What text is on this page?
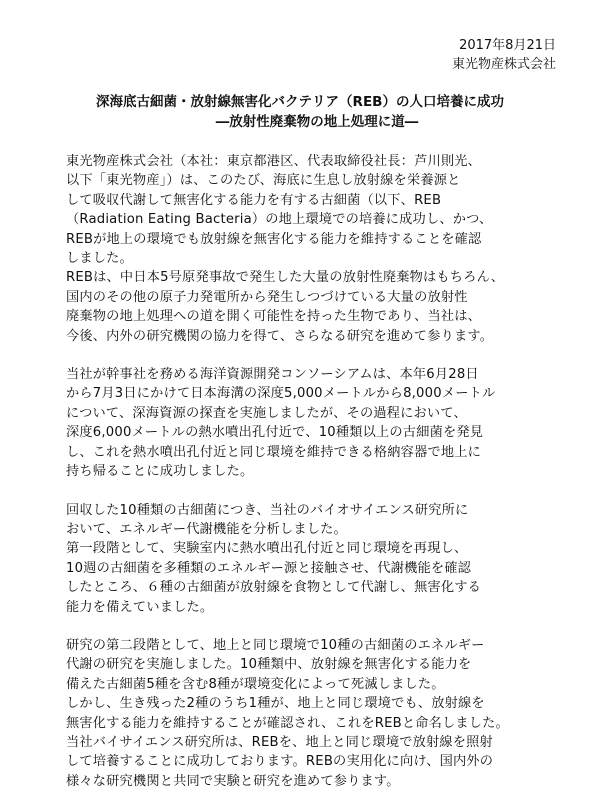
2017年8月21日
東光物産株式会社
深海底古細菌・放射線無害化バクテリア（REB）の人口培養に成功
―放射性廃棄物の地上処理に道―

東光物産株式会社（本社：東京都港区、代表取締役社長：芦川則光、
以下「東光物産」）は、このたび、海底に生息し放射線を栄養源と
して吸収代謝して無害化する能力を有する古細菌（以下、REB
（Radiation Eating Bacteria）の地上環境での培養に成功し、かつ、
REBが地上の環境でも放射線を無害化する能力を維持することを確認
しました。

REBは、中日本5号原発事故で発生した大量の放射性廃棄物はもちろん、
国内のその他の原子力発電所から発生しつづけている大量の放射性
廃棄物の地上処理への道を開く可能性を持った生物であり、当社は、
今後、内外の研究機関の協力を得て、さらなる研究を進めて参ります。

当社が幹事社を務める海洋資源開発コンソーシアムは、本年6月28日
から7月3日にかけて日本海溝の深度5,000メートルから8,000メートル
について、深海資源の探査を実施しましたが、その過程において、
深度6,000メートルの熱水噴出孔付近で、10種類以上の古細菌を発見
し、これを熱水噴出孔付近と同じ環境を維持できる格納容器で地上に
持ち帰ることに成功しました。

回収した10種類の古細菌につき、当社のバイオサイエンス研究所に
おいて、エネルギー代謝機能を分析しました。
第一段階として、実験室内に熱水噴出孔付近と同じ環境を再現し、
10週の古細菌を多種類のエネルギー源と接触させ、代謝機能を確認
したところ、６種の古細菌が放射線を食物として代謝し、無害化する
能力を備えていました。

研究の第二段階として、地上と同じ環境で10種の古細菌のエネルギー
代謝の研究を実施しました。10種類中、放射線を無害化する能力を
備えた古細菌5種を含む8種が環境変化によって死滅しました。
しかし、生き残った2種のうち1種が、地上と同じ環境でも、放射線を
無害化する能力を維持することが確認され、これをREBと命名しました。
当社バイサイエンス研究所は、REBを、地上と同じ環境で放射線を照射
して培養することに成功しております。REBの実用化に向け、国内外の
様々な研究機関と共同で実験と研究を進めて参ります。
